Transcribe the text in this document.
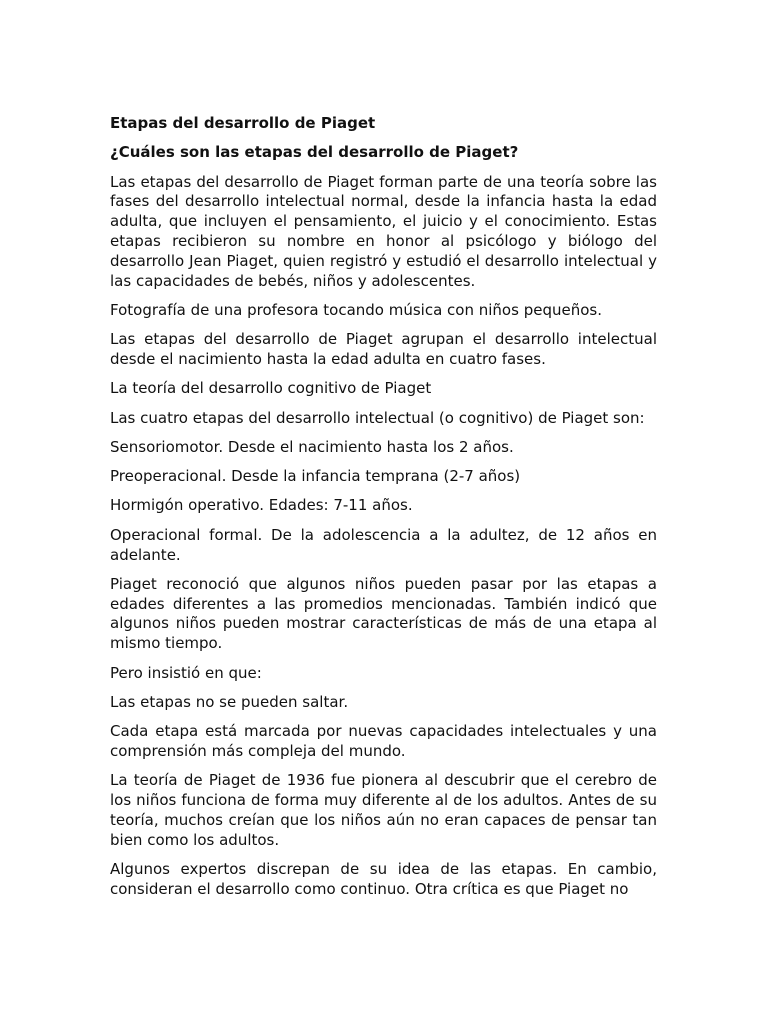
Etapas del desarrollo de Piaget
¿Cuáles son las etapas del desarrollo de Piaget?

Las etapas del desarrollo de Piaget forman parte de una teoría sobre las fases del desarrollo intelectual normal, desde la infancia hasta la edad adulta, que incluyen el pensamiento, el juicio y el conocimiento. Estas etapas recibieron su nombre en honor al psicólogo y biólogo del desarrollo Jean Piaget, quien registró y estudió el desarrollo intelectual y las capacidades de bebés, niños y adolescentes.

Fotografía de una profesora tocando música con niños pequeños.

Las etapas del desarrollo de Piaget agrupan el desarrollo intelectual desde el nacimiento hasta la edad adulta en cuatro fases.

La teoría del desarrollo cognitivo de Piaget

Las cuatro etapas del desarrollo intelectual (o cognitivo) de Piaget son:

Sensoriomotor. Desde el nacimiento hasta los 2 años.

Preoperacional. Desde la infancia temprana (2-7 años)

Hormigón operativo. Edades: 7-11 años.

Operacional formal. De la adolescencia a la adultez, de 12 años en adelante.

Piaget reconoció que algunos niños pueden pasar por las etapas a edades diferentes a las promedios mencionadas. También indicó que algunos niños pueden mostrar características de más de una etapa al mismo tiempo.

Pero insistió en que:

Las etapas no se pueden saltar.

Cada etapa está marcada por nuevas capacidades intelectuales y una comprensión más compleja del mundo.

La teoría de Piaget de 1936 fue pionera al descubrir que el cerebro de los niños funciona de forma muy diferente al de los adultos. Antes de su teoría, muchos creían que los niños aún no eran capaces de pensar tan bien como los adultos.

Algunos expertos discrepan de su idea de las etapas. En cambio, consideran el desarrollo como continuo. Otra crítica es que Piaget no
